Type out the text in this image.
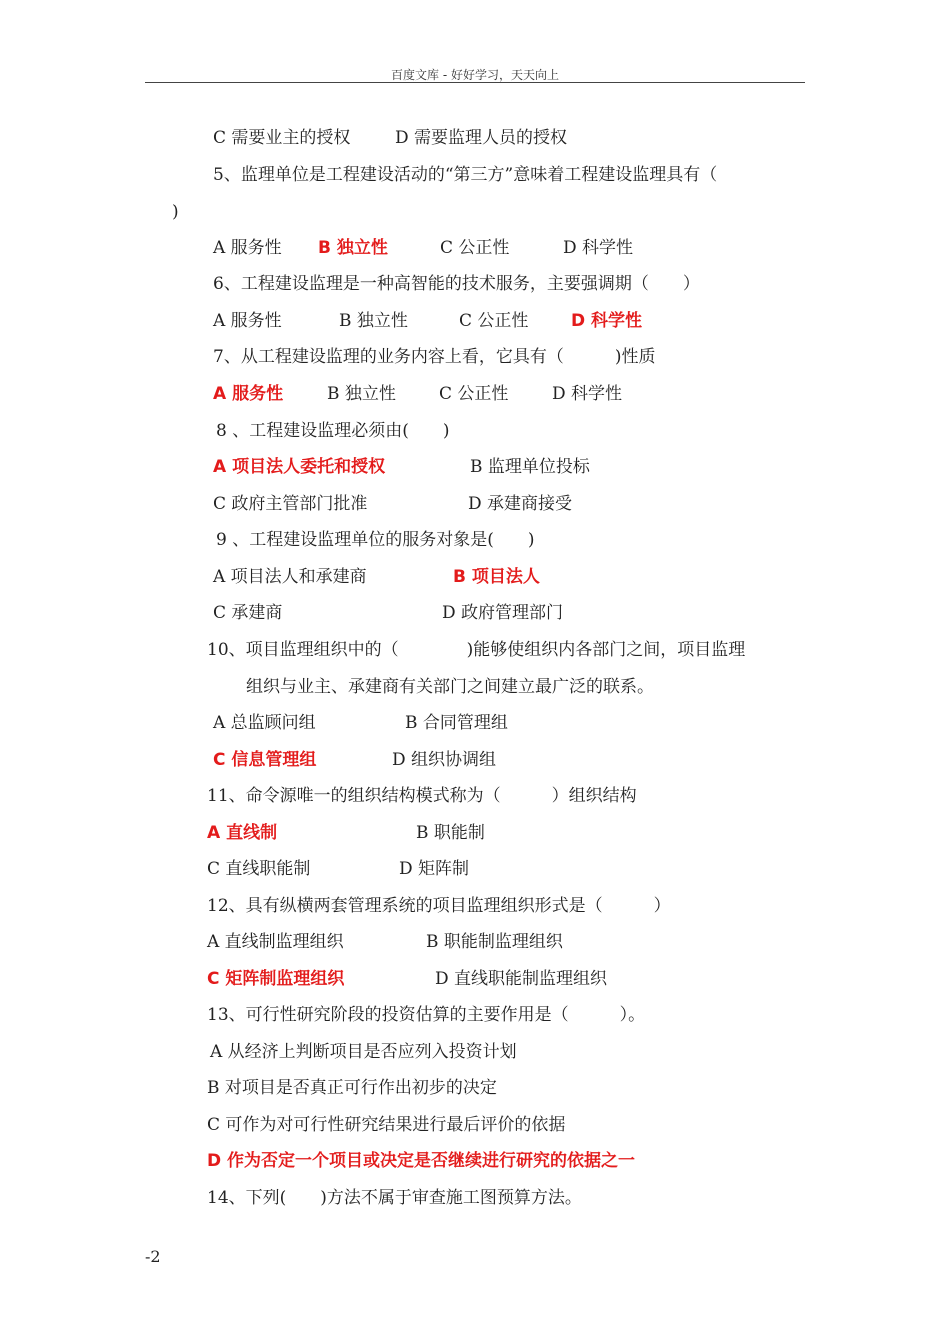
百度文库 - 好好学习，天天向上
C 需要业主的授权	D 需要监理人员的授权
5、监理单位是工程建设活动的“第三方”意味着工程建设监理具有（
)
A 服务性 B 独立性	C 公正性	D 科学性
6、工程建设监理是一种高智能的技术服务，主要强调期（　　）
A 服务性	B 独立性	C 公正性	D 科学性
7、从工程建设监理的业务内容上看，它具有（　　　)性质
A 服务性	B 独立性	C 公正性	D 科学性
8 、工程建设监理必须由(　　)
A 项目法人委托和授权	B 监理单位投标
C 政府主管部门批准	D 承建商接受
9 、工程建设监理单位的服务对象是(　　)
A 项目法人和承建商	B 项目法人
C 承建商	D 政府管理部门
10、项目监理组织中的（　　　　)能够使组织内各部门之间，项目监理
组织与业主、承建商有关部门之间建立最广泛的联系。
A 总监顾问组	B 合同管理组
C 信息管理组	D 组织协调组
11、命令源唯一的组织结构模式称为（　　　）组织结构
A 直线制	B 职能制
C 直线职能制	D 矩阵制
12、具有纵横两套管理系统的项目监理组织形式是（　　　）
A 直线制监理组织	B 职能制监理组织
C 矩阵制监理组织	D 直线职能制监理组织
13、可行性研究阶段的投资估算的主要作用是（　　　）。
A 从经济上判断项目是否应列入投资计划
B 对项目是否真正可行作出初步的决定
C 可作为对可行性研究结果进行最后评价的依据
D 作为否定一个项目或决定是否继续进行研究的依据之一
14、下列(　　)方法不属于审查施工图预算方法。
-2
